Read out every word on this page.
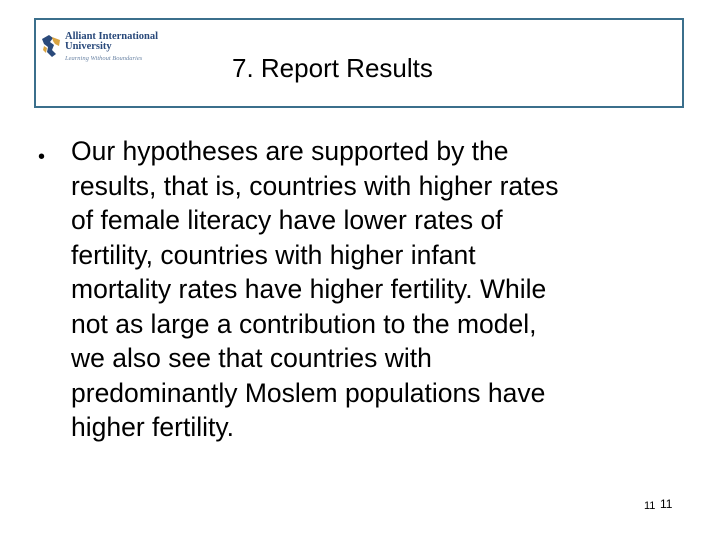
Alliant International
University
Learning Without Boundaries	7. Report Results
• Our hypotheses are supported by the
results, that is, countries with higher rates
of female literacy have lower rates of
fertility, countries with higher infant
mortality rates have higher fertility. While
not as large a contribution to the model,
we also see that countries with
predominantly Moslem populations have
higher fertility.
11 11
